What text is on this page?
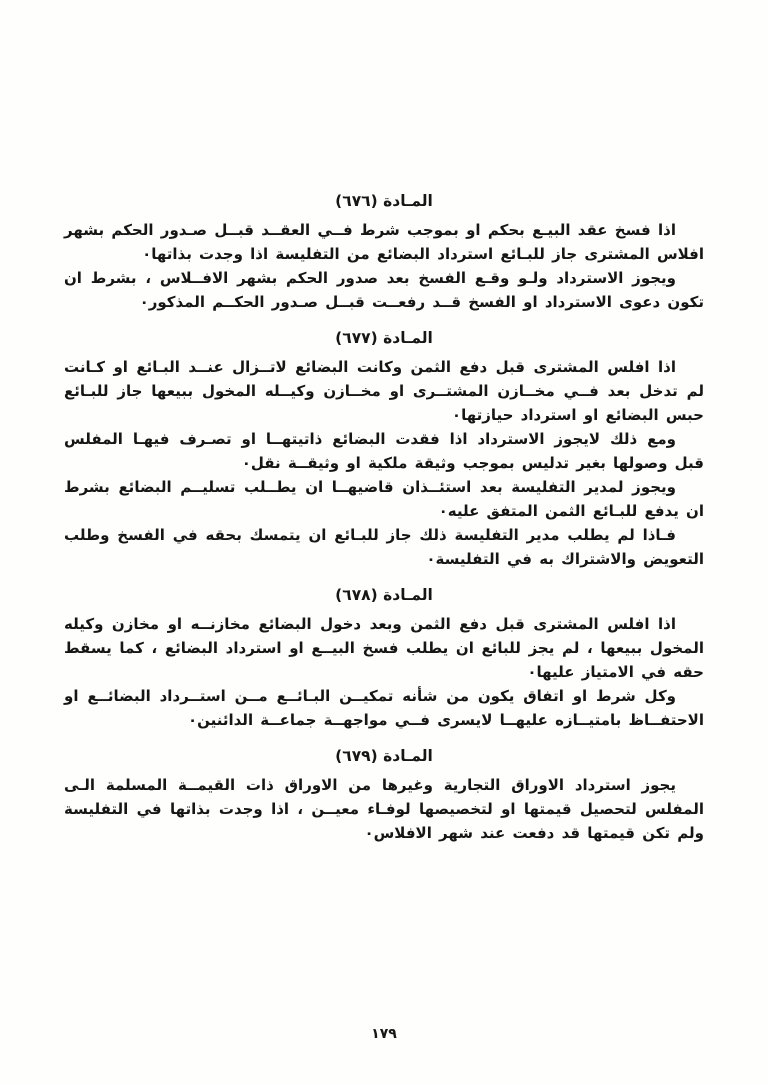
المـادة (٦٧٦)

اذا فسخ عقد البيـع بحكم او بموجب شرط فــي العقــد قبــل صـدور الحكم بشهر افلاس المشترى جاز للبـائع استرداد البضائع من التفليسة اذا وجدت بذاتها٠

ويجوز الاسترداد ولـو وقـع الفسخ بعد صدور الحكم بشهر الافــلاس ، بشرط ان تكون دعوى الاسترداد او الفسخ قــد رفعــت قبــل صـدور الحكــم المذكور٠

المـادة (٦٧٧)

اذا افلس المشترى قبل دفع الثمن وكانت البضائع لاتــزال عنــد البـائع او كـانت لم تدخل بعد فــي مخــازن المشتــرى او مخــازن وكيــله المخول ببيعها جاز للبـائع حبس البضائع او استرداد حيازتها٠

ومع ذلك لايجوز الاسترداد اذا فقدت البضائع ذاتيتهــا او تصـرف فيهـا المفلس قبل وصولها بغير تدليس بموجب وثيقة ملكية او وثيقــة نقل٠

ويجوز لمدير التفليسة بعد استئــذان قاضيهــا ان يطــلب تسليــم البضائع بشرط ان يدفع للبـائع الثمن المتفق عليه٠

فـاذا لم يطلب مدير التفليسة ذلك جاز للبـائع ان يتمسك بحقه في الفسخ وطلب التعويض والاشتراك به في التفليسة٠

المـادة (٦٧٨)

اذا افلس المشترى قبل دفع الثمن وبعد دخول البضائع مخازنــه او مخازن وكيله المخول ببيعها ، لم يجز للبائع ان يطلب فسخ البيــع او استرداد البضائع ، كما يسقط حقه في الامتياز عليها٠

وكل شرط او اتفاق يكون من شأنه تمكيــن البـائــع مــن استــرداد البضائــع او الاحتفــاظ بامتيــازه عليهــا لايسرى فــي مواجهــة جماعــة الدائنين٠

المـادة (٦٧٩)

يجوز استرداد الاوراق التجارية وغيرها من الاوراق ذات القيمــة المسلمة الـى المفلس لتحصيل قيمتها او لتخصيصها لوفـاء معيــن ، اذا وجدت بذاتها في التفليسة ولم تكن قيمتها قد دفعت عند شهر الافلاس٠

١٧٩
